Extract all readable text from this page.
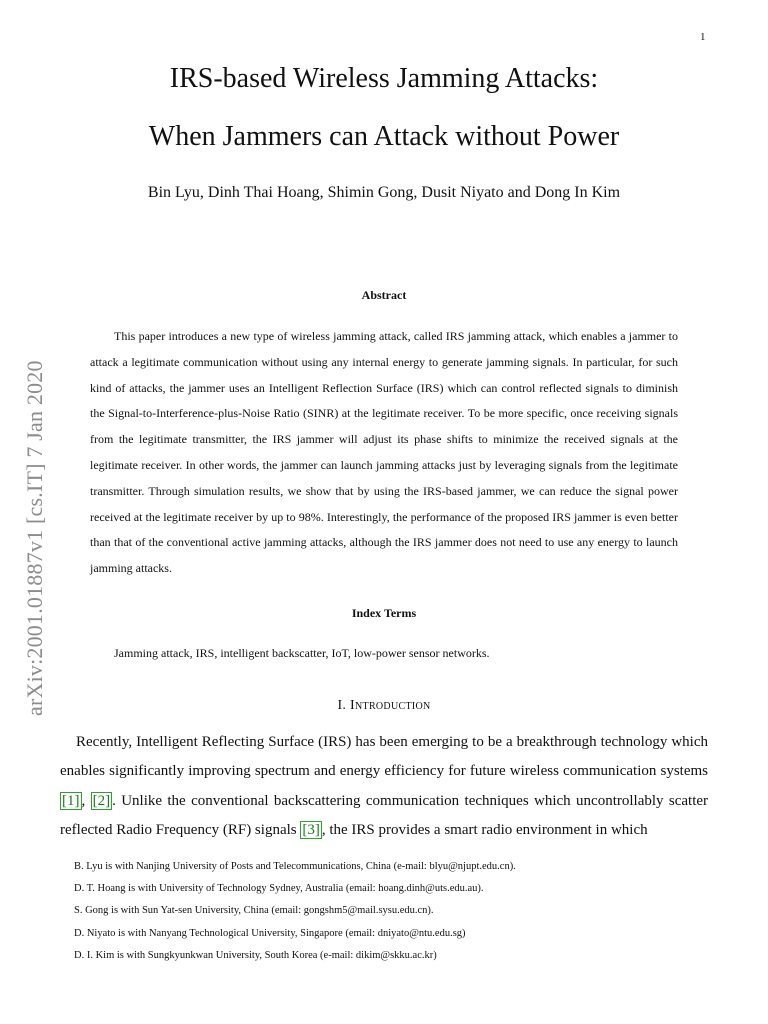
1
arXiv:2001.01887v1 [cs.IT] 7 Jan 2020
IRS-based Wireless Jamming Attacks:
When Jammers can Attack without Power
Bin Lyu, Dinh Thai Hoang, Shimin Gong, Dusit Niyato and Dong In Kim
Abstract

This paper introduces a new type of wireless jamming attack, called IRS jamming attack, which enables a jammer to attack a legitimate communication without using any internal energy to generate jamming signals. In particular, for such kind of attacks, the jammer uses an Intelligent Reflection Surface (IRS) which can control reflected signals to diminish the Signal-to-Interference-plus-Noise Ratio (SINR) at the legitimate receiver. To be more specific, once receiving signals from the legitimate transmitter, the IRS jammer will adjust its phase shifts to minimize the received signals at the legitimate receiver. In other words, the jammer can launch jamming attacks just by leveraging signals from the legitimate transmitter. Through simulation results, we show that by using the IRS-based jammer, we can reduce the signal power received at the legitimate receiver by up to 98%. Interestingly, the performance of the proposed IRS jammer is even better than that of the conventional active jamming attacks, although the IRS jammer does not need to use any energy to launch jamming attacks.

Index Terms
Jamming attack, IRS, intelligent backscatter, IoT, low-power sensor networks.
I. Introduction

Recently, Intelligent Reflecting Surface (IRS) has been emerging to be a breakthrough technology which enables significantly improving spectrum and energy efficiency for future wireless communication systems [1] , [2] . Unlike the conventional backscattering communication techniques which uncontrollably scatter reflected Radio Frequency (RF) signals [3] , the IRS provides a smart radio environment in which

B. Lyu is with Nanjing University of Posts and Telecommunications, China (e-mail: blyu@njupt.edu.cn).
D. T. Hoang is with University of Technology Sydney, Australia (email: hoang.dinh@uts.edu.au).
S. Gong is with Sun Yat-sen University, China (email: gongshm5@mail.sysu.edu.cn).
D. Niyato is with Nanyang Technological University, Singapore (email: dniyato@ntu.edu.sg)
D. I. Kim is with Sungkyunkwan University, South Korea (e-mail: dikim@skku.ac.kr)
